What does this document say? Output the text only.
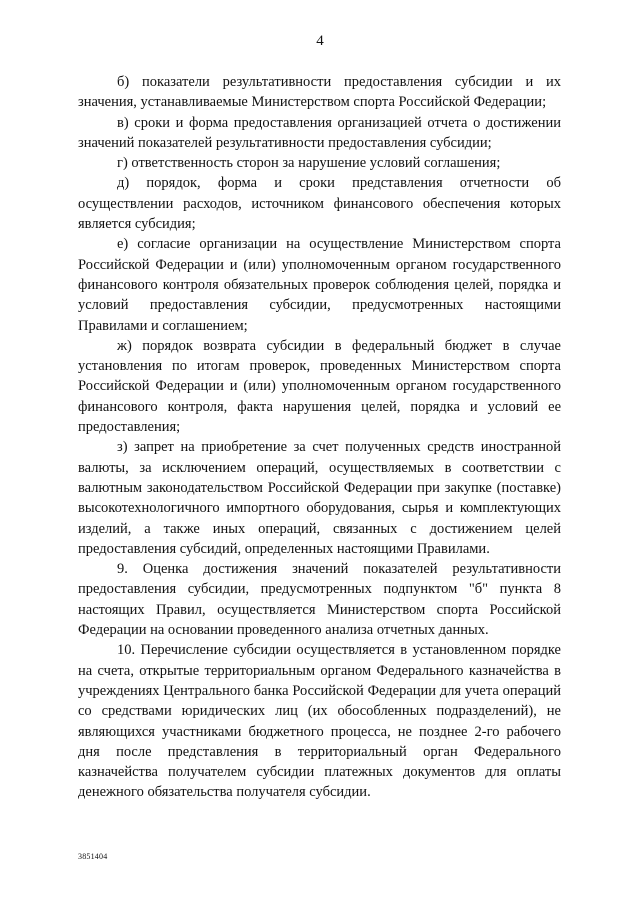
4

б) показатели результативности предоставления субсидии и их значения, устанавливаемые Министерством спорта Российской Федерации;

в) сроки и форма предоставления организацией отчета о достижении значений показателей результативности предоставления субсидии;

г) ответственность сторон за нарушение условий соглашения;

д) порядок, форма и сроки представления отчетности об осуществлении расходов, источником финансового обеспечения которых является субсидия;

е) согласие организации на осуществление Министерством спорта Российской Федерации и (или) уполномоченным органом государственного финансового контроля обязательных проверок соблюдения целей, порядка и условий предоставления субсидии, предусмотренных настоящими Правилами и соглашением;

ж) порядок возврата субсидии в федеральный бюджет в случае установления по итогам проверок, проведенных Министерством спорта Российской Федерации и (или) уполномоченным органом государственного финансового контроля, факта нарушения целей, порядка и условий ее предоставления;

з) запрет на приобретение за счет полученных средств иностранной валюты, за исключением операций, осуществляемых в соответствии с валютным законодательством Российской Федерации при закупке (поставке) высокотехнологичного импортного оборудования, сырья и комплектующих изделий, а также иных операций, связанных с достижением целей предоставления субсидий, определенных настоящими Правилами.

9. Оценка достижения значений показателей результативности предоставления субсидии, предусмотренных подпунктом "б" пункта 8 настоящих Правил, осуществляется Министерством спорта Российской Федерации на основании проведенного анализа отчетных данных.

10. Перечисление субсидии осуществляется в установленном порядке на счета, открытые территориальным органом Федерального казначейства в учреждениях Центрального банка Российской Федерации для учета операций со средствами юридических лиц (их обособленных подразделений), не являющихся участниками бюджетного процесса, не позднее 2-го рабочего дня после представления в территориальный орган Федерального казначейства получателем субсидии платежных документов для оплаты денежного обязательства получателя субсидии.

3851404
